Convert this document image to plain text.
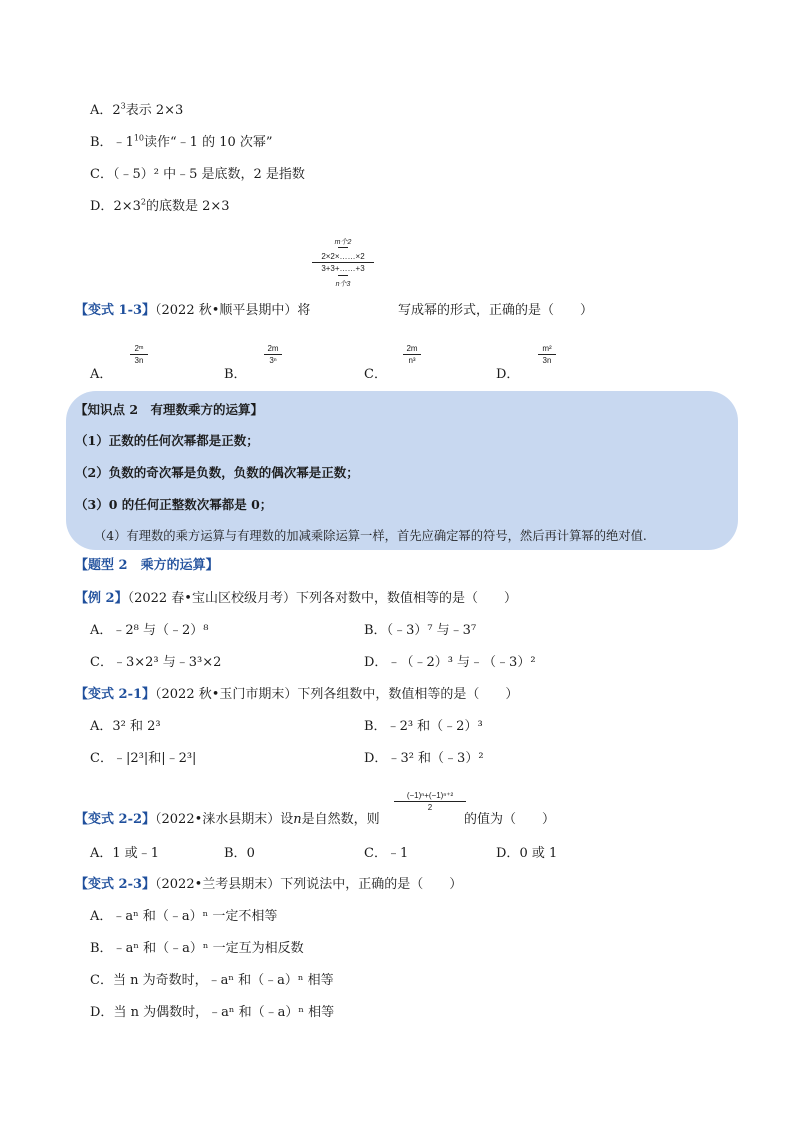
A．$2^3$表示 2×3
B．$﹣1^{10}$读作“﹣1 的 10 次幂”
C．（﹣5）² 中﹣5 是底数，2 是指数
D．$2\times 3^2$的底数是 2×3
m个2
2×2×……×2
3+3+……+3
n个3
【变式 1-3】（2022 秋•顺平县期中）将	写成幂的形式，正确的是（　　）
A．
2ᵐ
3n
B．
2m
3ⁿ
C．
2m
n³
D．
m²
3n
【知识点 2　有理数乘方的运算】
（1）正数的任何次幂都是正数；
（2）负数的奇次幂是负数，负数的偶次幂是正数；
（3）0 的任何正整数次幂都是 0；
（4）有理数的乘方运算与有理数的加减乘除运算一样，首先应确定幂的符号，然后再计算幂的绝对值.
【题型 2　乘方的运算】
【例 2】（2022 春•宝山区校级月考）下列各对数中，数值相等的是（　　）
A．﹣2⁸ 与（﹣2）⁸	B．（﹣3）⁷ 与﹣3⁷
C．﹣3×2³ 与﹣3³×2	D．﹣（﹣2）³ 与﹣（﹣3）²
【变式 2-1】（2022 秋•玉门市期末）下列各组数中，数值相等的是（　　）
A．3² 和 2³	B．﹣2³ 和（﹣2）³
C．﹣|2³|和|﹣2³|	D．﹣3² 和（﹣3）²
(−1)ⁿ+(−1)ⁿ⁺²
2
【变式 2-2】（2022•涞水县期末）设n是自然数，则	的值为（　　）
A．1 或﹣1	B．0	C．﹣1	D．0 或 1
【变式 2-3】（2022•兰考县期末）下列说法中，正确的是（　　）
A．﹣aⁿ 和（﹣a）ⁿ 一定不相等
B．﹣aⁿ 和（﹣a）ⁿ 一定互为相反数
C．当 n 为奇数时，﹣aⁿ 和（﹣a）ⁿ 相等
D．当 n 为偶数时，﹣aⁿ 和（﹣a）ⁿ 相等
